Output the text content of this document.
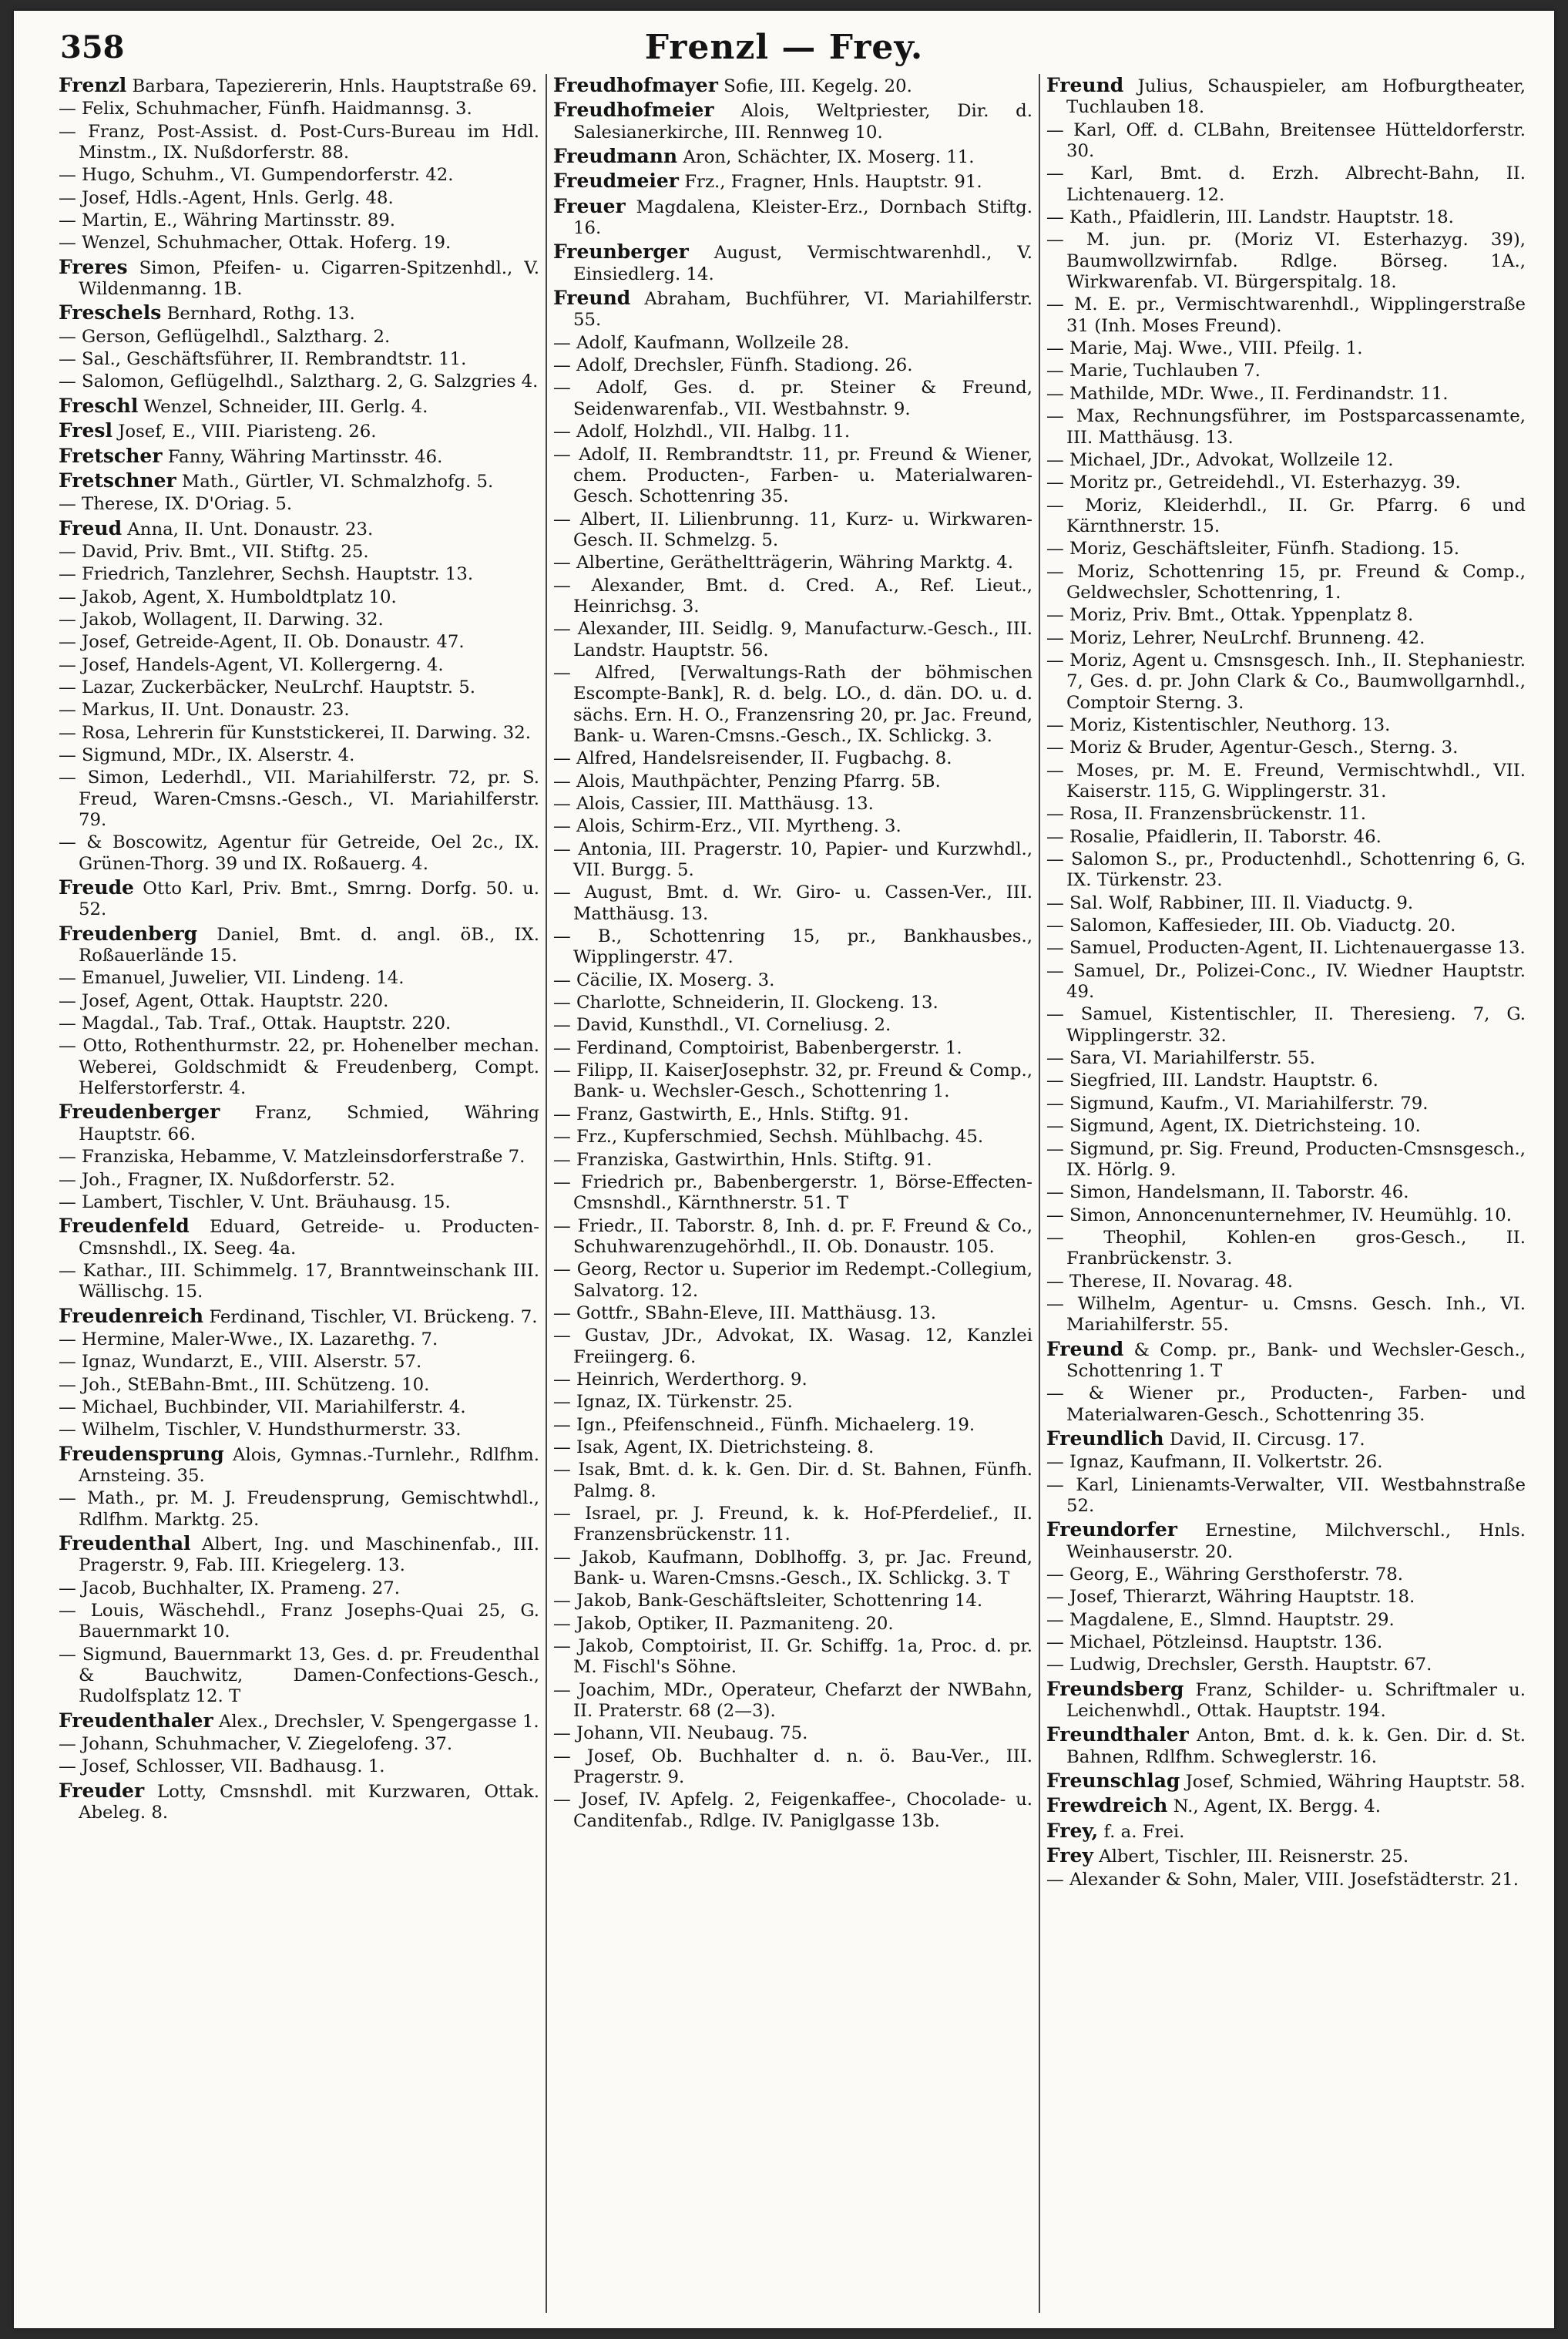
358	Frenzl — Frey.
Frenzl Barbara, Tapeziererin, Hnls. Hauptstraße 69.
— Felix, Schuhmacher, Fünfh. Haidmannsg. 3.
— Franz, Post-Assist. d. Post-Curs-Bureau im Hdl. Minstm., IX. Nußdorferstr. 88.
— Hugo, Schuhm., VI. Gumpendorferstr. 42.
— Josef, Hdls.-Agent, Hnls. Gerlg. 48.
— Martin, E., Währing Martinsstr. 89.
— Wenzel, Schuhmacher, Ottak. Hoferg. 19.
Freres Simon, Pfeifen- u. Cigarren-Spitzenhdl., V. Wildenmanng. 1B.
Freschels Bernhard, Rothg. 13.
— Gerson, Geflügelhdl., Salztharg. 2.
— Sal., Geschäftsführer, II. Rembrandtstr. 11.
— Salomon, Geflügelhdl., Salztharg. 2, G. Salzgries 4.
Freschl Wenzel, Schneider, III. Gerlg. 4.
Fresl Josef, E., VIII. Piaristeng. 26.
Fretscher Fanny, Währing Martinsstr. 46.
Fretschner Math., Gürtler, VI. Schmalzhofg. 5.
— Therese, IX. D'Oriag. 5.
Freud Anna, II. Unt. Donaustr. 23.
— David, Priv. Bmt., VII. Stiftg. 25.
— Friedrich, Tanzlehrer, Sechsh. Hauptstr. 13.
— Jakob, Agent, X. Humboldtplatz 10.
— Jakob, Wollagent, II. Darwing. 32.
— Josef, Getreide-Agent, II. Ob. Donaustr. 47.
— Josef, Handels-Agent, VI. Kollergerng. 4.
— Lazar, Zuckerbäcker, NeuLrchf. Hauptstr. 5.
— Markus, II. Unt. Donaustr. 23.
— Rosa, Lehrerin für Kunststickerei, II. Darwing. 32.
— Sigmund, MDr., IX. Alserstr. 4.
— Simon, Lederhdl., VII. Mariahilferstr. 72, pr. S. Freud, Waren-Cmsns.-Gesch., VI. Mariahilferstr. 79.
— & Boscowitz, Agentur für Getreide, Oel 2c., IX. Grünen-Thorg. 39 und IX. Roßauerg. 4.
Freude Otto Karl, Priv. Bmt., Smrng. Dorfg. 50. u. 52.
Freudenberg Daniel, Bmt. d. angl. öB., IX. Roßauerlände 15.
— Emanuel, Juwelier, VII. Lindeng. 14.
— Josef, Agent, Ottak. Hauptstr. 220.
— Magdal., Tab. Traf., Ottak. Hauptstr. 220.
— Otto, Rothenthurmstr. 22, pr. Hohenelber mechan. Weberei, Goldschmidt & Freudenberg, Compt. Helferstorferstr. 4.
Freudenberger Franz, Schmied, Währing Hauptstr. 66.
— Franziska, Hebamme, V. Matzleinsdorferstraße 7.
— Joh., Fragner, IX. Nußdorferstr. 52.
— Lambert, Tischler, V. Unt. Bräuhausg. 15.
Freudenfeld Eduard, Getreide- u. Producten-Cmsnshdl., IX. Seeg. 4a.
— Kathar., III. Schimmelg. 17, Branntweinschank III. Wällischg. 15.
Freudenreich Ferdinand, Tischler, VI. Brückeng. 7.
— Hermine, Maler-Wwe., IX. Lazarethg. 7.
— Ignaz, Wundarzt, E., VIII. Alserstr. 57.
— Joh., StEBahn-Bmt., III. Schützeng. 10.
— Michael, Buchbinder, VII. Mariahilferstr. 4.
— Wilhelm, Tischler, V. Hundsthurmerstr. 33.
Freudensprung Alois, Gymnas.-Turnlehr., Rdlfhm. Arnsteing. 35.
— Math., pr. M. J. Freudensprung, Gemischtwhdl., Rdlfhm. Marktg. 25.
Freudenthal Albert, Ing. und Maschinenfab., III. Pragerstr. 9, Fab. III. Kriegelerg. 13.
— Jacob, Buchhalter, IX. Prameng. 27.
— Louis, Wäschehdl., Franz Josephs-Quai 25, G. Bauernmarkt 10.
— Sigmund, Bauernmarkt 13, Ges. d. pr. Freudenthal & Bauchwitz, Damen-Confections-Gesch., Rudolfsplatz 12. T
Freudenthaler Alex., Drechsler, V. Spengergasse 1.
— Johann, Schuhmacher, V. Ziegelofeng. 37.
— Josef, Schlosser, VII. Badhausg. 1.
Freuder Lotty, Cmsnshdl. mit Kurzwaren, Ottak. Abeleg. 8.
Freudhofmayer Sofie, III. Kegelg. 20.
Freudhofmeier Alois, Weltpriester, Dir. d. Salesianerkirche, III. Rennweg 10.
Freudmann Aron, Schächter, IX. Moserg. 11.
Freudmeier Frz., Fragner, Hnls. Hauptstr. 91.
Freuer Magdalena, Kleister-Erz., Dornbach Stiftg. 16.
Freunberger August, Vermischtwarenhdl., V. Einsiedlerg. 14.
Freund Abraham, Buchführer, VI. Mariahilferstr. 55.
— Adolf, Kaufmann, Wollzeile 28.
— Adolf, Drechsler, Fünfh. Stadiong. 26.
— Adolf, Ges. d. pr. Steiner & Freund, Seidenwarenfab., VII. Westbahnstr. 9.
— Adolf, Holzhdl., VII. Halbg. 11.
— Adolf, II. Rembrandtstr. 11, pr. Freund & Wiener, chem. Producten-, Farben- u. Materialwaren-Gesch. Schottenring 35.
— Albert, II. Lilienbrunng. 11, Kurz- u. Wirkwaren-Gesch. II. Schmelzg. 5.
— Albertine, Gerätheltträgerin, Währing Marktg. 4.
— Alexander, Bmt. d. Cred. A., Ref. Lieut., Heinrichsg. 3.
— Alexander, III. Seidlg. 9, Manufacturw.-Gesch., III. Landstr. Hauptstr. 56.
— Alfred, [Verwaltungs-Rath der böhmischen Escompte-Bank], R. d. belg. LO., d. dän. DO. u. d. sächs. Ern. H. O., Franzensring 20, pr. Jac. Freund, Bank- u. Waren-Cmsns.-Gesch., IX. Schlickg. 3.
— Alfred, Handelsreisender, II. Fugbachg. 8.
— Alois, Mauthpächter, Penzing Pfarrg. 5B.
— Alois, Cassier, III. Matthäusg. 13.
— Alois, Schirm-Erz., VII. Myrtheng. 3.
— Antonia, III. Pragerstr. 10, Papier- und Kurzwhdl., VII. Burgg. 5.
— August, Bmt. d. Wr. Giro- u. Cassen-Ver., III. Matthäusg. 13.
— B., Schottenring 15, pr., Bankhausbes., Wipplingerstr. 47.
— Cäcilie, IX. Moserg. 3.
— Charlotte, Schneiderin, II. Glockeng. 13.
— David, Kunsthdl., VI. Corneliusg. 2.
— Ferdinand, Comptoirist, Babenbergerstr. 1.
— Filipp, II. KaiserJosephstr. 32, pr. Freund & Comp., Bank- u. Wechsler-Gesch., Schottenring 1.
— Franz, Gastwirth, E., Hnls. Stiftg. 91.
— Frz., Kupferschmied, Sechsh. Mühlbachg. 45.
— Franziska, Gastwirthin, Hnls. Stiftg. 91.
— Friedrich pr., Babenbergerstr. 1, Börse-Effecten-Cmsnshdl., Kärnthnerstr. 51. T
— Friedr., II. Taborstr. 8, Inh. d. pr. F. Freund & Co., Schuhwarenzugehörhdl., II. Ob. Donaustr. 105.
— Georg, Rector u. Superior im Redempt.-Collegium, Salvatorg. 12.
— Gottfr., SBahn-Eleve, III. Matthäusg. 13.
— Gustav, JDr., Advokat, IX. Wasag. 12, Kanzlei Freiingerg. 6.
— Heinrich, Werderthorg. 9.
— Ignaz, IX. Türkenstr. 25.
— Ign., Pfeifenschneid., Fünfh. Michaelerg. 19.
— Isak, Agent, IX. Dietrichsteing. 8.
— Isak, Bmt. d. k. k. Gen. Dir. d. St. Bahnen, Fünfh. Palmg. 8.
— Israel, pr. J. Freund, k. k. Hof-Pferdelief., II. Franzensbrückenstr. 11.
— Jakob, Kaufmann, Doblhoffg. 3, pr. Jac. Freund, Bank- u. Waren-Cmsns.-Gesch., IX. Schlickg. 3. T
— Jakob, Bank-Geschäftsleiter, Schottenring 14.
— Jakob, Optiker, II. Pazmaniteng. 20.
— Jakob, Comptoirist, II. Gr. Schiffg. 1a, Proc. d. pr. M. Fischl's Söhne.
— Joachim, MDr., Operateur, Chefarzt der NWBahn, II. Praterstr. 68 (2—3).
— Johann, VII. Neubaug. 75.
— Josef, Ob. Buchhalter d. n. ö. Bau-Ver., III. Pragerstr. 9.
— Josef, IV. Apfelg. 2, Feigenkaffee-, Chocolade- u. Canditenfab., Rdlge. IV. Paniglgasse 13b.
Freund Julius, Schauspieler, am Hofburgtheater, Tuchlauben 18.
— Karl, Off. d. CLBahn, Breitensee Hütteldorferstr. 30.
— Karl, Bmt. d. Erzh. Albrecht-Bahn, II. Lichtenauerg. 12.
— Kath., Pfaidlerin, III. Landstr. Hauptstr. 18.
— M. jun. pr. (Moriz VI. Esterhazyg. 39), Baumwollzwirnfab. Rdlge. Börseg. 1A., Wirkwarenfab. VI. Bürgerspitalg. 18.
— M. E. pr., Vermischtwarenhdl., Wipplingerstraße 31 (Inh. Moses Freund).
— Marie, Maj. Wwe., VIII. Pfeilg. 1.
— Marie, Tuchlauben 7.
— Mathilde, MDr. Wwe., II. Ferdinandstr. 11.
— Max, Rechnungsführer, im Postsparcassenamte, III. Matthäusg. 13.
— Michael, JDr., Advokat, Wollzeile 12.
— Moritz pr., Getreidehdl., VI. Esterhazyg. 39.
— Moriz, Kleiderhdl., II. Gr. Pfarrg. 6 und Kärnthnerstr. 15.
— Moriz, Geschäftsleiter, Fünfh. Stadiong. 15.
— Moriz, Schottenring 15, pr. Freund & Comp., Geldwechsler, Schottenring, 1.
— Moriz, Priv. Bmt., Ottak. Yppenplatz 8.
— Moriz, Lehrer, NeuLrchf. Brunneng. 42.
— Moriz, Agent u. Cmsnsgesch. Inh., II. Stephaniestr. 7, Ges. d. pr. John Clark & Co., Baumwollgarnhdl., Comptoir Sterng. 3.
— Moriz, Kistentischler, Neuthorg. 13.
— Moriz & Bruder, Agentur-Gesch., Sterng. 3.
— Moses, pr. M. E. Freund, Vermischtwhdl., VII. Kaiserstr. 115, G. Wipplingerstr. 31.
— Rosa, II. Franzensbrückenstr. 11.
— Rosalie, Pfaidlerin, II. Taborstr. 46.
— Salomon S., pr., Productenhdl., Schottenring 6, G. IX. Türkenstr. 23.
— Sal. Wolf, Rabbiner, III. Il. Viaductg. 9.
— Salomon, Kaffesieder, III. Ob. Viaductg. 20.
— Samuel, Producten-Agent, II. Lichtenauergasse 13.
— Samuel, Dr., Polizei-Conc., IV. Wiedner Hauptstr. 49.
— Samuel, Kistentischler, II. Theresieng. 7, G. Wipplingerstr. 32.
— Sara, VI. Mariahilferstr. 55.
— Siegfried, III. Landstr. Hauptstr. 6.
— Sigmund, Kaufm., VI. Mariahilferstr. 79.
— Sigmund, Agent, IX. Dietrichsteing. 10.
— Sigmund, pr. Sig. Freund, Producten-Cmsnsgesch., IX. Hörlg. 9.
— Simon, Handelsmann, II. Taborstr. 46.
— Simon, Annoncenunternehmer, IV. Heumühlg. 10.
— Theophil, Kohlen-en gros-Gesch., II. Franbrückenstr. 3.
— Therese, II. Novarag. 48.
— Wilhelm, Agentur- u. Cmsns. Gesch. Inh., VI. Mariahilferstr. 55.
Freund & Comp. pr., Bank- und Wechsler-Gesch., Schottenring 1. T
— & Wiener pr., Producten-, Farben- und Materialwaren-Gesch., Schottenring 35.
Freundlich David, II. Circusg. 17.
— Ignaz, Kaufmann, II. Volkertstr. 26.
— Karl, Linienamts-Verwalter, VII. Westbahnstraße 52.
Freundorfer Ernestine, Milchverschl., Hnls. Weinhauserstr. 20.
— Georg, E., Währing Gersthoferstr. 78.
— Josef, Thierarzt, Währing Hauptstr. 18.
— Magdalene, E., Slmnd. Hauptstr. 29.
— Michael, Pötzleinsd. Hauptstr. 136.
— Ludwig, Drechsler, Gersth. Hauptstr. 67.
Freundsberg Franz, Schilder- u. Schriftmaler u. Leichenwhdl., Ottak. Hauptstr. 194.
Freundthaler Anton, Bmt. d. k. k. Gen. Dir. d. St. Bahnen, Rdlfhm. Schweglerstr. 16.
Freunschlag Josef, Schmied, Währing Hauptstr. 58.
Frewdreich N., Agent, IX. Bergg. 4.
Frey, f. a. Frei.
Frey Albert, Tischler, III. Reisnerstr. 25.
— Alexander & Sohn, Maler, VIII. Josefstädterstr. 21.
